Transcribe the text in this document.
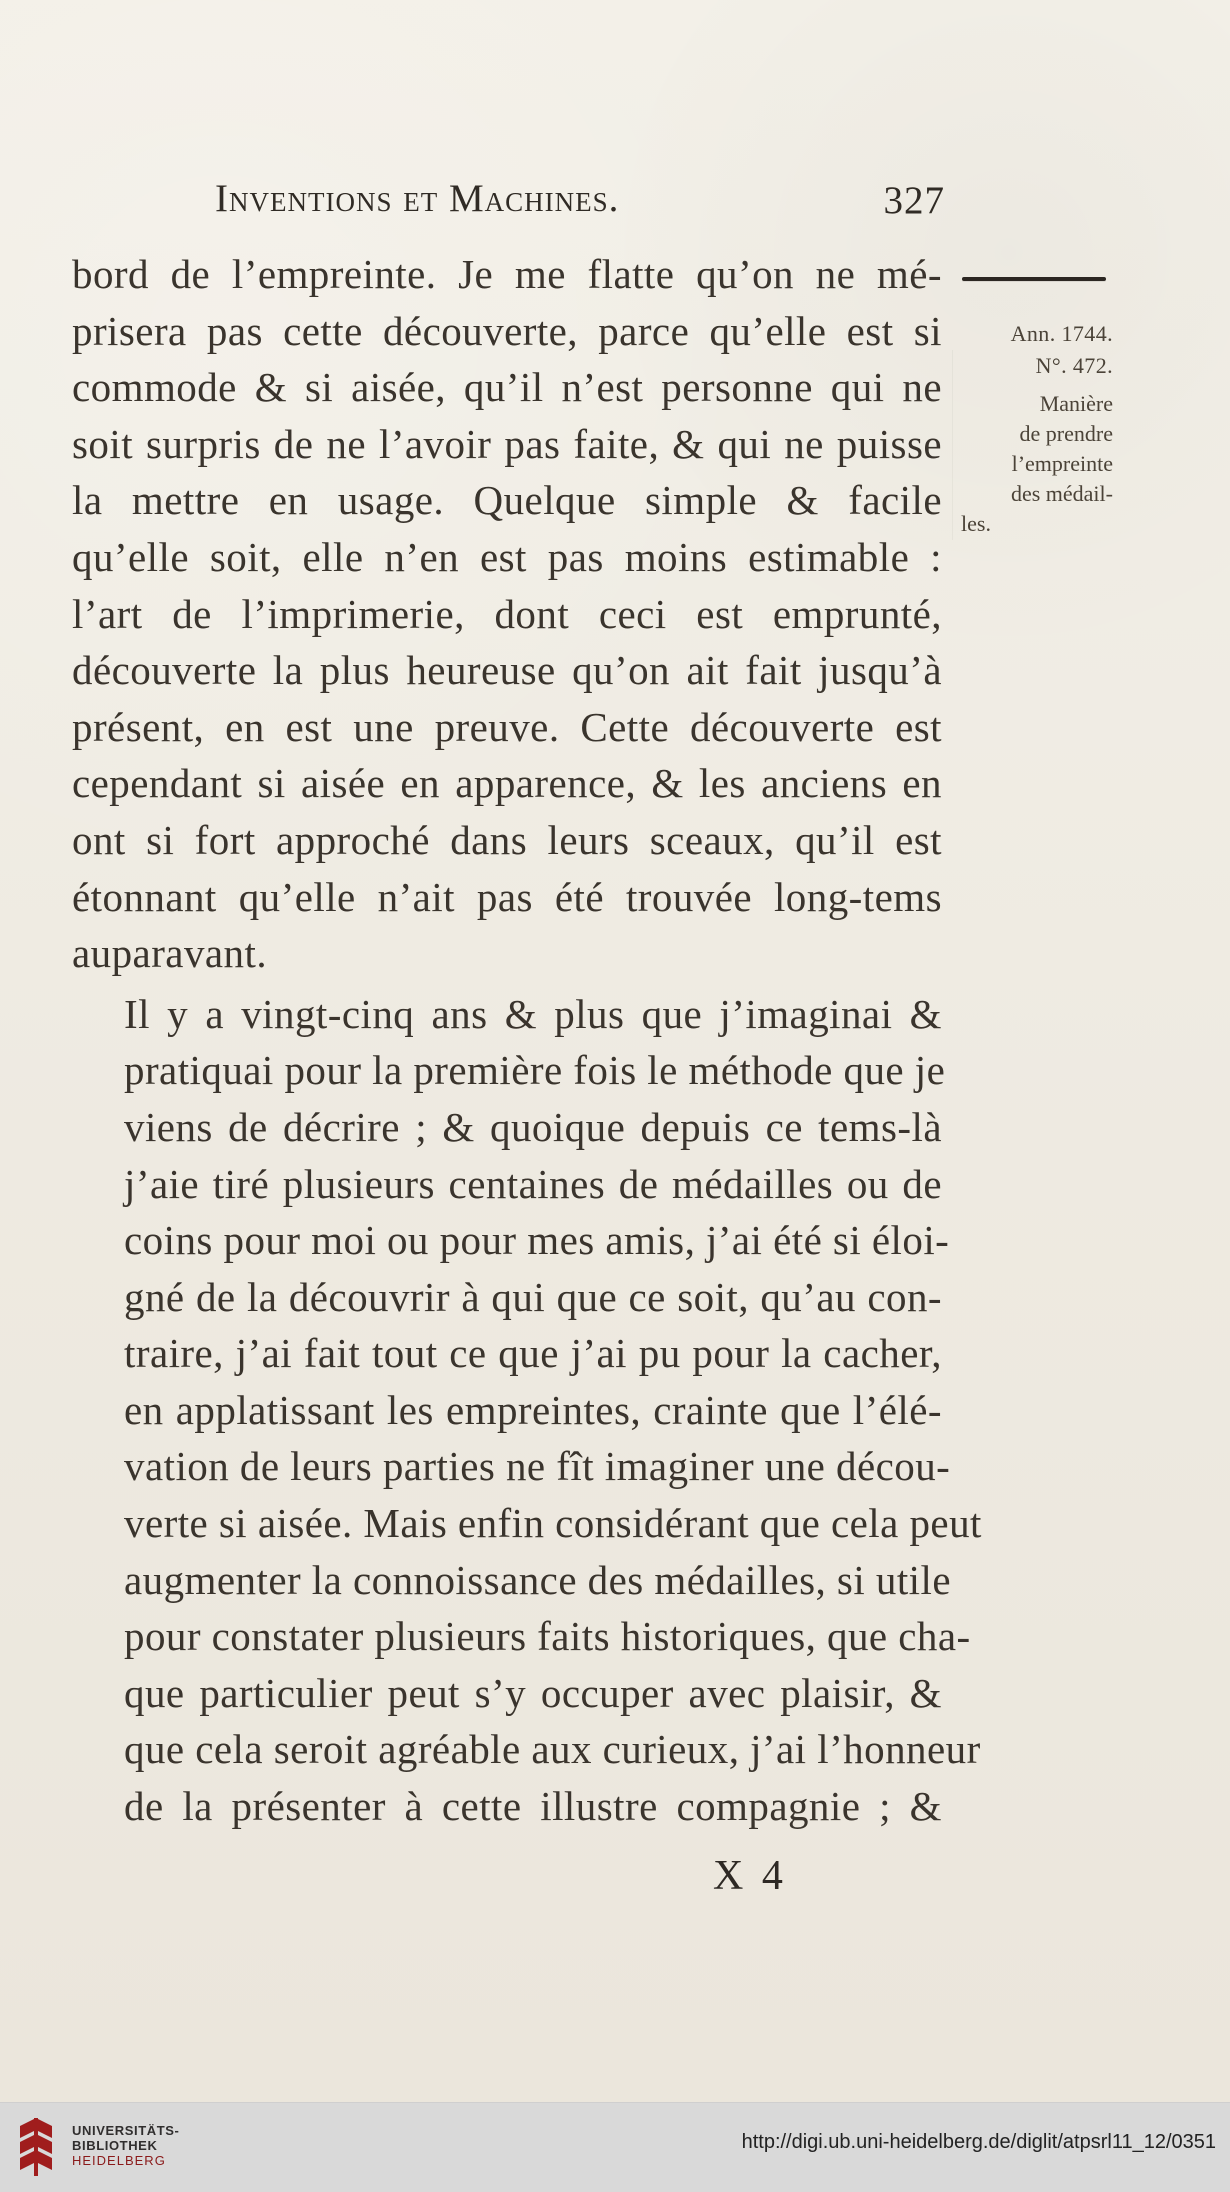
Inventions et Machines.	327
Ann. 1744.
N°. 472.
Manière
de prendre
l’empreinte
des médail-
les.

bord de l’empreinte. Je me flatte qu’on ne mé-
prisera pas cette découverte, parce qu’elle est si
commode & si aisée, qu’il n’est personne qui ne
soit surpris de ne l’avoir pas faite, & qui ne puisse
la mettre en usage. Quelque simple & facile
qu’elle soit, elle n’en est pas moins estimable :
l’art de l’imprimerie, dont ceci est emprunté,
découverte la plus heureuse qu’on ait fait jusqu’à
présent, en est une preuve. Cette découverte est
cependant si aisée en apparence, & les anciens en
ont si fort approché dans leurs sceaux, qu’il est
étonnant qu’elle n’ait pas été trouvée long-tems
auparavant.

Il y a vingt-cinq ans & plus que j’imaginai &
pratiquai pour la première fois le méthode que je
viens de décrire ; & quoique depuis ce tems-là
j’aie tiré plusieurs centaines de médailles ou de
coins pour moi ou pour mes amis, j’ai été si éloi-
gné de la découvrir à qui que ce soit, qu’au con-
traire, j’ai fait tout ce que j’ai pu pour la cacher,
en applatissant les empreintes, crainte que l’élé-
vation de leurs parties ne fît imaginer une décou-
verte si aisée. Mais enfin considérant que cela peut
augmenter la connoissance des médailles, si utile
pour constater plusieurs faits historiques, que cha-
que particulier peut s’y occuper avec plaisir, &
que cela seroit agréable aux curieux, j’ai l’honneur
de la présenter à cette illustre compagnie ; &

X 4
UNIVERSITÄTS-
BIBLIOTHEK
HEIDELBERG
http://digi.ub.uni-heidelberg.de/diglit/atpsrl11_12/0351
